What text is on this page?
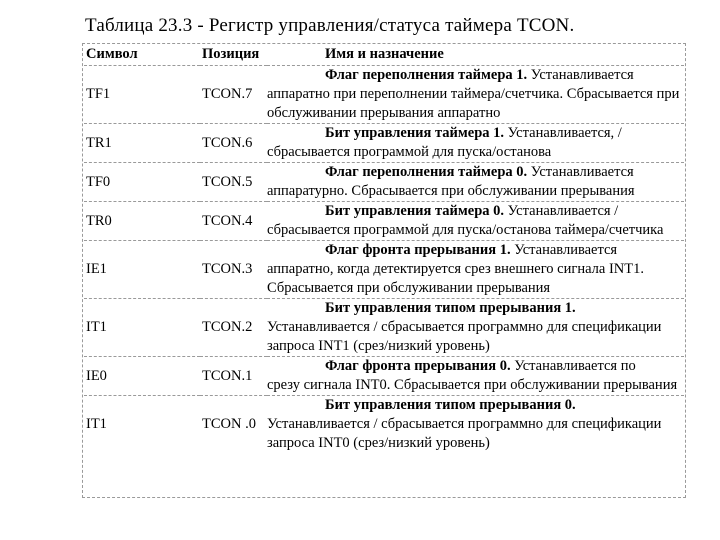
Таблица 23.3 - Регистр управления/статуса таймера TCON.
Символ	Позиция	Имя и назначение
TF1	TCON.7	Флаг переполнения таймера 1. Устанавливается
аппаратно при переполнении таймера/счетчика. Сбрасывается при обслуживании прерывания аппаратно
TR1	TCON.6	Бит управления таймера 1. Устанавливается, /
сбрасывается программой для пуска/останова
TF0	TCON.5	Флаг переполнения таймера 0. Устанавливается
аппаратурно. Сбрасывается при обслуживании прерывания
TR0	TCON.4	Бит управления таймера 0. Устанавливается /
сбрасывается программой для пуска/останова таймера/счетчика
IE1	TCON.3	Флаг фронта прерывания 1. Устанавливается
аппаратно, когда детектируется срез внешнего сигнала INT1. Сбрасывается при обслуживании прерывания
IT1	TCON.2	Бит управления типом прерывания 1.
Устанавливается / сбрасывается программно для спецификации запроса INT1 (срез/низкий уровень)
IE0	TCON.1	Флаг фронта прерывания 0. Устанавливается по
срезу сигнала INT0. Сбрасывается при обслуживании прерывания
IT1	TCON .0	Бит управления типом прерывания 0.
Устанавливается / сбрасывается программно для спецификации запроса INT0 (срез/низкий уровень)
